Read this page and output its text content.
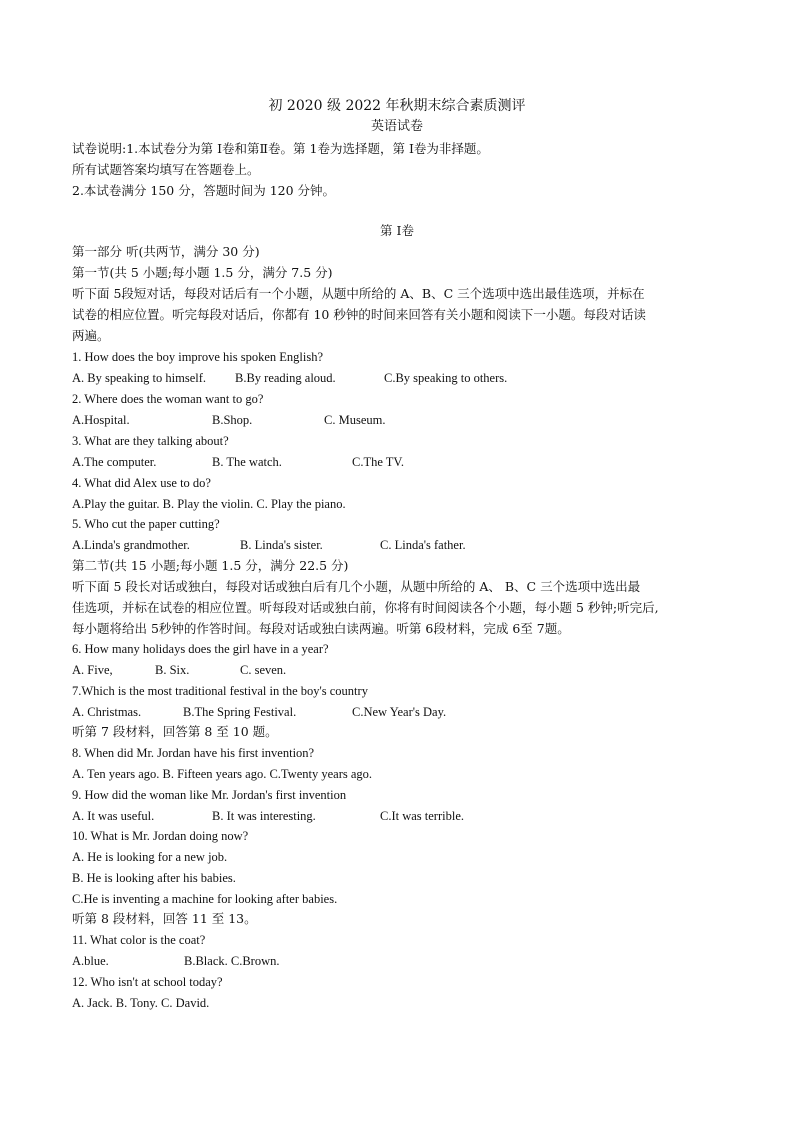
初 2020 级 2022 年秋期末综合素质测评
英语试卷
试卷说明:1.本试卷分为第 I卷和第Ⅱ卷。第 1卷为选择题，第 I卷为非择题。
所有试题答案均填写在答题卷上。
2.本试卷满分 150 分，答题时间为 120 分钟。
第 I卷
第一部分 听(共两节，满分 30 分)
第一节(共 5 小题;每小题 1.5 分，满分 7.5 分)
听下面 5段短对话，每段对话后有一个小题，从题中所给的 A、B、C 三个选项中选出最佳选项，并标在
试卷的相应位置。听完每段对话后，你都有 10 秒钟的时间来回答有关小题和阅读下一小题。每段对话读
两遍。
1. How does the boy improve his spoken English?
A. By speaking to himself. B.By reading aloud.	C.By speaking to others.
2. Where does the woman want to go?
A.Hospital.	B.Shop.	C. Museum.
3. What are they talking about?
A.The computer.	B. The watch.	C.The TV.
4. What did Alex use to do?
A.Play the guitar. B. Play the violin. C. Play the piano.
5. Who cut the paper cutting?
A.Linda's grandmother.	B. Linda's sister.	C. Linda's father.
第二节(共 15 小题;每小题 1.5 分，满分 22.5 分)
听下面 5 段长对话或独白，每段对话或独白后有几个小题，从题中所给的 A、 B、C 三个选项中选出最
佳选项，并标在试卷的相应位置。听每段对话或独白前，你将有时间阅读各个小题，每小题 5 秒钟;听完后,
每小题将给出 5秒钟的作答时间。每段对话或独白读两遍。听第 6段材料，完成 6至 7题。
6. How many holidays does the girl have in a year?
A. Five,	B. Six.	C. seven.
7.Which is the most traditional festival in the boy's country
A. Christmas.	B.The Spring Festival.	C.New Year's Day.
听第 7 段材料，回答第 8 至 10 题。
8. When did Mr. Jordan have his first invention?
A. Ten years ago. B. Fifteen years ago. C.Twenty years ago.
9. How did the woman like Mr. Jordan's first invention
A. It was useful.	B. It was interesting.	C.It was terrible.
10. What is Mr. Jordan doing now?
A. He is looking for a new job.
B. He is looking after his babies.
C.He is inventing a machine for looking after babies.
听第 8 段材料，回答 11 至 13。
11. What color is the coat?
A.blue.	B.Black. C.Brown.
12. Who isn't at school today?
A. Jack. B. Tony. C. David.
